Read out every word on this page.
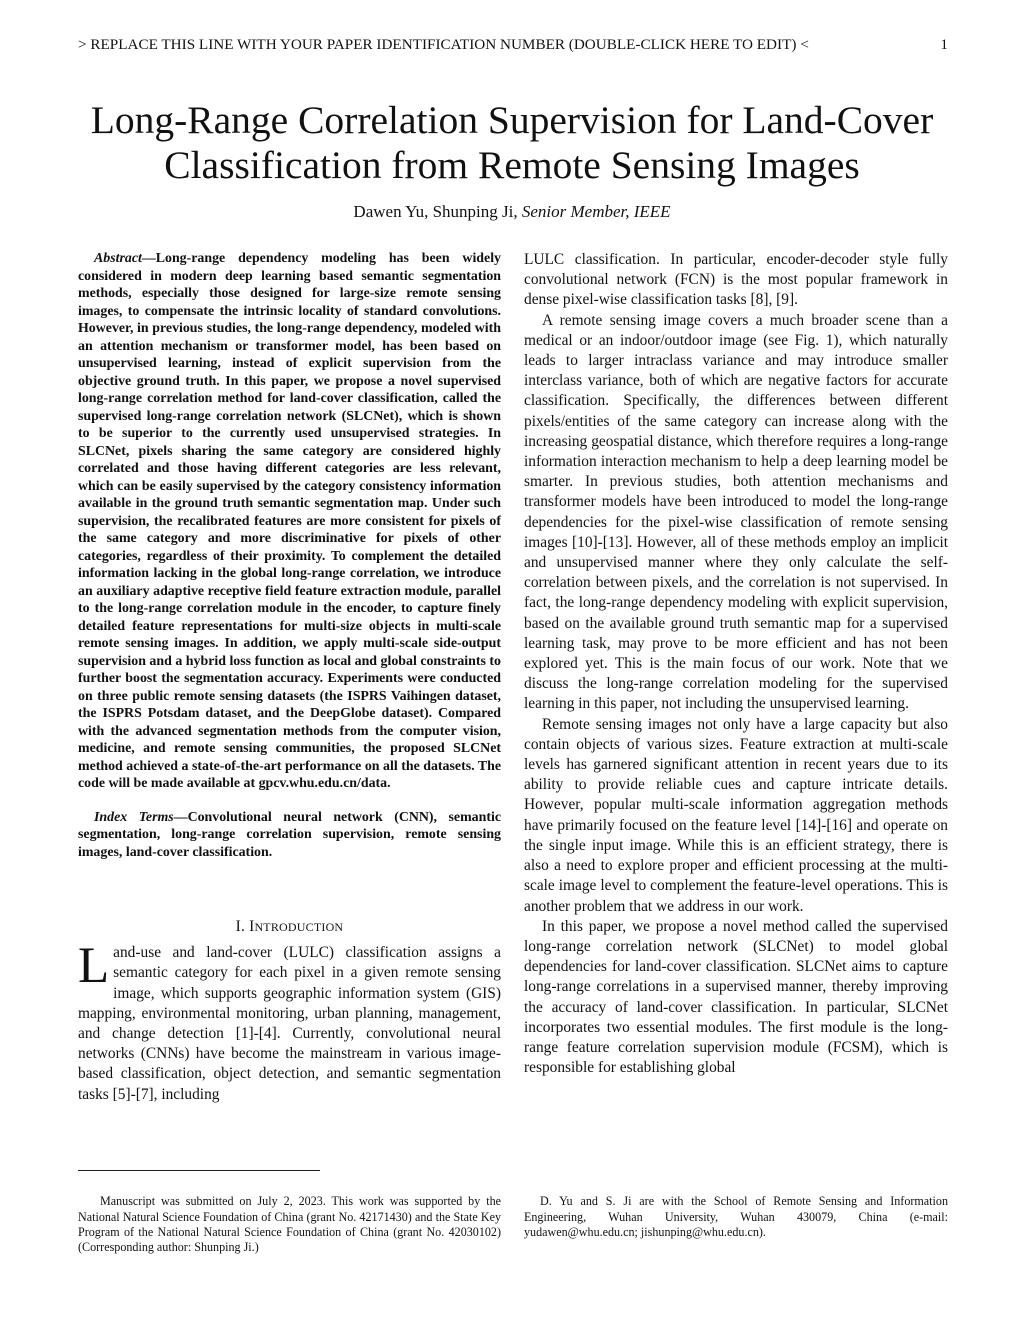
> REPLACE THIS LINE WITH YOUR PAPER IDENTIFICATION NUMBER (DOUBLE-CLICK HERE TO EDIT) <	1
Long-Range Correlation Supervision for Land-Cover
Classification from Remote Sensing Images
Dawen Yu, Shunping Ji, Senior Member, IEEE

Abstract—Long-range dependency modeling has been widely considered in modern deep learning based semantic segmentation methods, especially those designed for large-size remote sensing images, to compensate the intrinsic locality of standard convolutions. However, in previous studies, the long-range dependency, modeled with an attention mechanism or transformer model, has been based on unsupervised learning, instead of explicit supervision from the objective ground truth. In this paper, we propose a novel supervised long-range correlation method for land-cover classification, called the supervised long-range correlation network (SLCNet), which is shown to be superior to the currently used unsupervised strategies. In SLCNet, pixels sharing the same category are considered highly correlated and those having different categories are less relevant, which can be easily supervised by the category consistency information available in the ground truth semantic segmentation map. Under such supervision, the recalibrated features are more consistent for pixels of the same category and more discriminative for pixels of other categories, regardless of their proximity. To complement the detailed information lacking in the global long-range correlation, we introduce an auxiliary adaptive receptive field feature extraction module, parallel to the long-range correlation module in the encoder, to capture finely detailed feature representations for multi-size objects in multi-scale remote sensing images. In addition, we apply multi-scale side-output supervision and a hybrid loss function as local and global constraints to further boost the segmentation accuracy. Experiments were conducted on three public remote sensing datasets (the ISPRS Vaihingen dataset, the ISPRS Potsdam dataset, and the DeepGlobe dataset). Compared with the advanced segmentation methods from the computer vision, medicine, and remote sensing communities, the proposed SLCNet method achieved a state-of-the-art performance on all the datasets. The code will be made available at gpcv.whu.edu.cn/data.

Index Terms—Convolutional neural network (CNN), semantic segmentation, long-range correlation supervision, remote sensing images, land-cover classification.

I. INTRODUCTION

Land-use and land-cover (LULC) classification assigns a semantic category for each pixel in a given remote sensing image, which supports geographic information system (GIS) mapping, environmental monitoring, urban planning, management, and change detection [1]-[4]. Currently, convolutional neural networks (CNNs) have become the mainstream in various image-based classification, object detection, and semantic segmentation tasks [5]-[7], including

LULC classification. In particular, encoder-decoder style fully convolutional network (FCN) is the most popular framework in dense pixel-wise classification tasks [8], [9].

A remote sensing image covers a much broader scene than a medical or an indoor/outdoor image (see Fig. 1), which naturally leads to larger intraclass variance and may introduce smaller interclass variance, both of which are negative factors for accurate classification. Specifically, the differences between different pixels/entities of the same category can increase along with the increasing geospatial distance, which therefore requires a long-range information interaction mechanism to help a deep learning model be smarter. In previous studies, both attention mechanisms and transformer models have been introduced to model the long-range dependencies for the pixel-wise classification of remote sensing images [10]-[13]. However, all of these methods employ an implicit and unsupervised manner where they only calculate the self-correlation between pixels, and the correlation is not supervised. In fact, the long-range dependency modeling with explicit supervision, based on the available ground truth semantic map for a supervised learning task, may prove to be more efficient and has not been explored yet. This is the main focus of our work. Note that we discuss the long-range correlation modeling for the supervised learning in this paper, not including the unsupervised learning.

Remote sensing images not only have a large capacity but also contain objects of various sizes. Feature extraction at multi-scale levels has garnered significant attention in recent years due to its ability to provide reliable cues and capture intricate details. However, popular multi-scale information aggregation methods have primarily focused on the feature level [14]-[16] and operate on the single input image. While this is an efficient strategy, there is also a need to explore proper and efficient processing at the multi-scale image level to complement the feature-level operations. This is another problem that we address in our work.

In this paper, we propose a novel method called the supervised long-range correlation network (SLCNet) to model global dependencies for land-cover classification. SLCNet aims to capture long-range correlations in a supervised manner, thereby improving the accuracy of land-cover classification. In particular, SLCNet incorporates two essential modules. The first module is the long-range feature correlation supervision module (FCSM), which is responsible for establishing global

Manuscript was submitted on July 2, 2023. This work was supported by the National Natural Science Foundation of China (grant No. 42171430) and the State Key Program of the National Natural Science Foundation of China (grant No. 42030102) (Corresponding author: Shunping Ji.)

D. Yu and S. Ji are with the School of Remote Sensing and Information Engineering, Wuhan University, Wuhan 430079, China (e-mail: yudawen@whu.edu.cn; jishunping@whu.edu.cn).
